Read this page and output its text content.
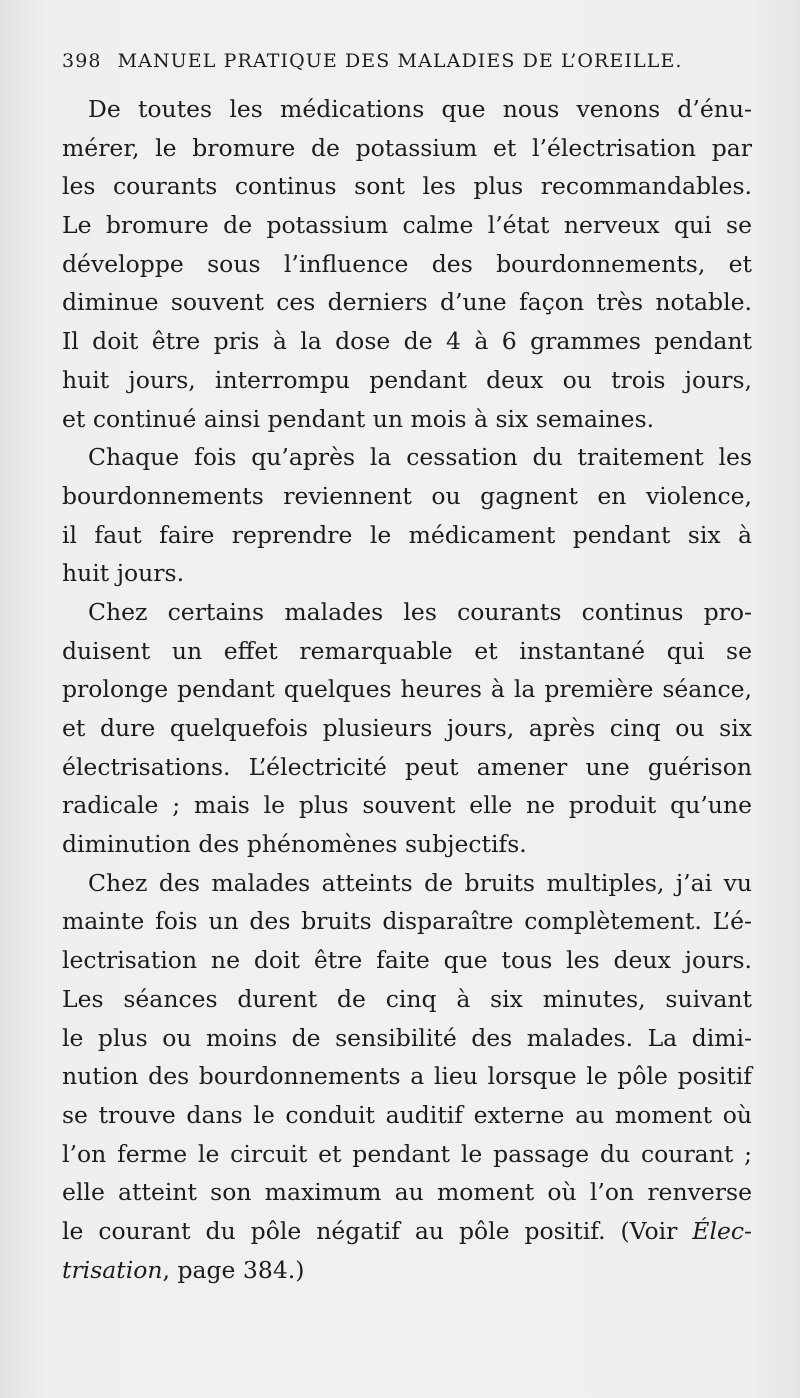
398 MANUEL PRATIQUE DES MALADIES DE L’OREILLE.
De toutes les médications que nous venons d’énu-
mérer, le bromure de potassium et l’électrisation par
les courants continus sont les plus recommandables.
Le bromure de potassium calme l’état nerveux qui se
développe sous l’influence des bourdonnements, et
diminue souvent ces derniers d’une façon très notable.
Il doit être pris à la dose de 4 à 6 grammes pendant
huit jours, interrompu pendant deux ou trois jours,
et continué ainsi pendant un mois à six semaines.
Chaque fois qu’après la cessation du traitement les
bourdonnements reviennent ou gagnent en violence,
il faut faire reprendre le médicament pendant six à
huit jours.
Chez certains malades les courants continus pro-
duisent un effet remarquable et instantané qui se
prolonge pendant quelques heures à la première séance,
et dure quelquefois plusieurs jours, après cinq ou six
électrisations. L’électricité peut amener une guérison
radicale ; mais le plus souvent elle ne produit qu’une
diminution des phénomènes subjectifs.
Chez des malades atteints de bruits multiples, j’ai vu
mainte fois un des bruits disparaître complètement. L’é-
lectrisation ne doit être faite que tous les deux jours.
Les séances durent de cinq à six minutes, suivant
le plus ou moins de sensibilité des malades. La dimi-
nution des bourdonnements a lieu lorsque le pôle positif
se trouve dans le conduit auditif externe au moment où
l’on ferme le circuit et pendant le passage du courant ;
elle atteint son maximum au moment où l’on renverse
le courant du pôle négatif au pôle positif. (Voir Élec-
trisation, page 384.)
